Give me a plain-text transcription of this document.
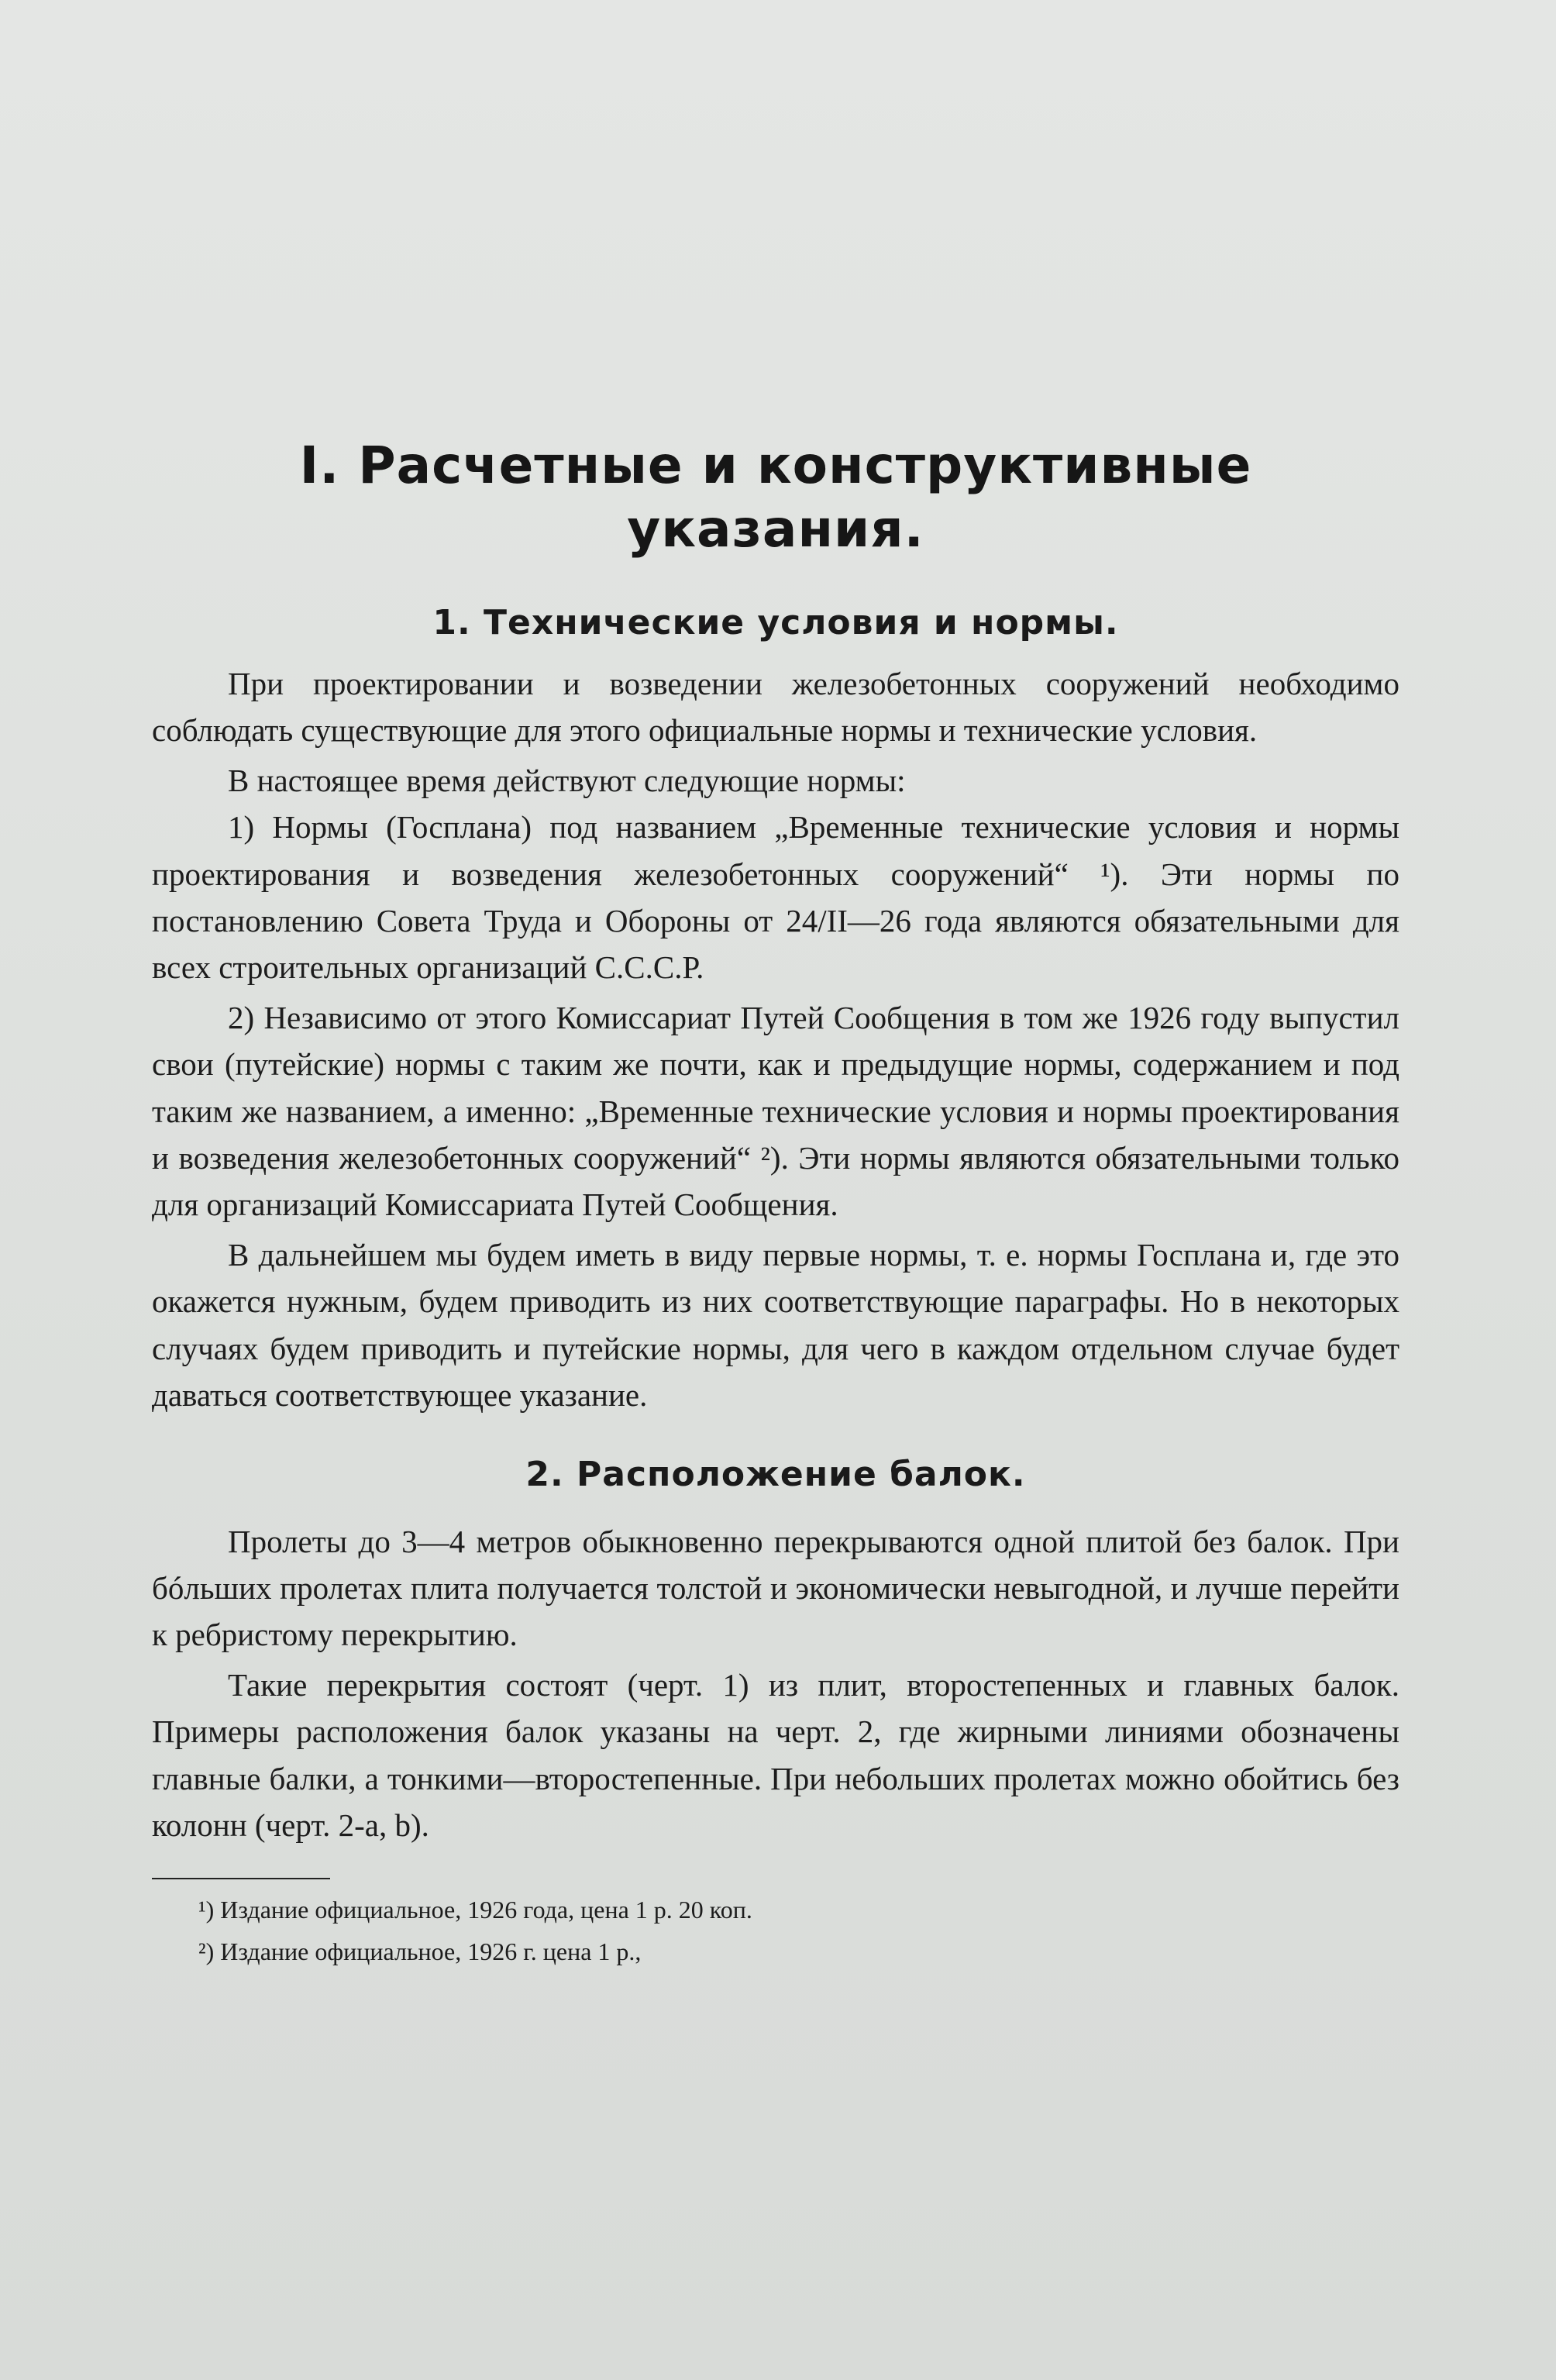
I. Расчетные и конструктивные
указания.
1. Технические условия и нормы.

При проектировании и возведении железобетонных сооружений необходимо соблюдать существующие для этого официальные нормы и технические условия.

В настоящее время действуют следующие нормы:

1) Нормы (Госплана) под названием „Временные технические условия и нормы проектирования и возведения железобетонных сооружений“ ¹). Эти нормы по постановлению Совета Труда и Обороны от 24/II—26 года являются обязательными для всех строительных организаций С.С.С.Р.

2) Независимо от этого Комиссариат Путей Сообщения в том же 1926 году выпустил свои (путейские) нормы с таким же почти, как и предыдущие нормы, содержанием и под таким же названием, а именно: „Временные технические условия и нормы проектирования и возведения железобетонных сооружений“ ²). Эти нормы являются обязательными только для организаций Комиссариата Путей Сообщения.

В дальнейшем мы будем иметь в виду первые нормы, т. е. нормы Госплана и, где это окажется нужным, будем приводить из них соответствующие параграфы. Но в некоторых случаях будем приводить и путейские нормы, для чего в каждом отдельном случае будет даваться соответствующее указание.

2. Расположение балок.

Пролеты до 3—4 метров обыкновенно перекрываются одной плитой без балок. При бóльших пролетах плита получается толстой и экономически невыгодной, и лучше перейти к ребристому перекрытию.

Такие перекрытия состоят (черт. 1) из плит, второстепенных и главных балок. Примеры расположения балок указаны на черт. 2, где жирными линиями обозначены главные балки, а тонкими—второстепенные. При небольших пролетах можно обойтись без колонн (черт. 2-a, b).

¹) Издание официальное, 1926 года, цена 1 р. 20 коп.

²) Издание официальное, 1926 г. цена 1 р.,
